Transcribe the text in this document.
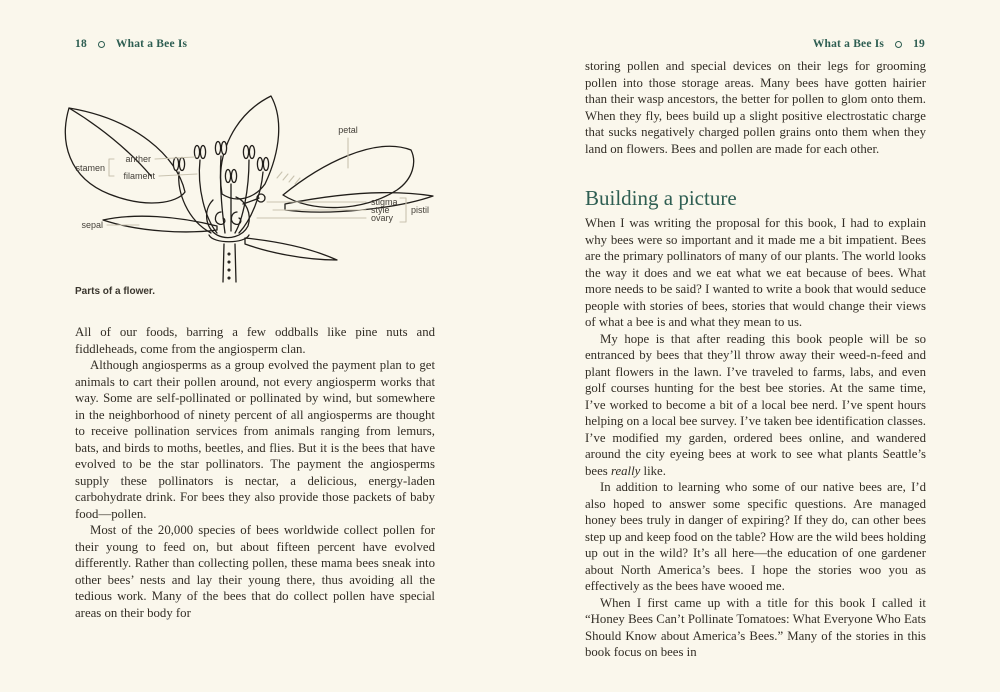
18	What a Bee Is	What a Bee Is	19
petal
anther
stamen
filament
sepal
stigma
style
ovary
pistil
Parts of a flower.

All of our foods, barring a few oddballs like pine nuts and fiddleheads, come from the angiosperm clan.

Although angiosperms as a group evolved the payment plan to get animals to cart their pollen around, not every angiosperm works that way. Some are self-pollinated or pollinated by wind, but somewhere in the neighborhood of ninety percent of all angiosperms are thought to receive pollination services from animals ranging from lemurs, bats, and birds to moths, beetles, and flies. But it is the bees that have evolved to be the star pollinators. The payment the angiosperms supply these pollinators is nectar, a delicious, energy-laden carbohydrate drink. For bees they also provide those packets of baby food—pollen.

Most of the 20,000 species of bees worldwide collect pollen for their young to feed on, but about fifteen percent have evolved differently. Rather than collecting pollen, these mama bees sneak into other bees’ nests and lay their young there, thus avoiding all the tedious work. Many of the bees that do collect pollen have special areas on their body for

storing pollen and special devices on their legs for grooming pollen into those storage areas. Many bees have gotten hairier than their wasp ancestors, the better for pollen to glom onto them. When they fly, bees build up a slight positive electrostatic charge that sucks negatively charged pollen grains onto them when they land on flowers. Bees and pollen are made for each other.

Building a picture

When I was writing the proposal for this book, I had to explain why bees were so important and it made me a bit impatient. Bees are the primary pollinators of many of our plants. The world looks the way it does and we eat what we eat because of bees. What more needs to be said? I wanted to write a book that would seduce people with stories of bees, stories that would change their views of what a bee is and what they mean to us.

My hope is that after reading this book people will be so entranced by bees that they’ll throw away their weed-n-feed and plant flowers in the lawn. I’ve traveled to farms, labs, and even golf courses hunting for the best bee stories. At the same time, I’ve worked to become a bit of a local bee nerd. I’ve spent hours helping on a local bee survey. I’ve taken bee identification classes. I’ve modified my garden, ordered bees online, and wandered around the city eyeing bees at work to see what plants Seattle’s bees really like.

In addition to learning who some of our native bees are, I’d also hoped to answer some specific questions. Are managed honey bees truly in danger of expiring? If they do, can other bees step up and keep food on the table? How are the wild bees holding up out in the wild? It’s all here—the education of one gardener about North America’s bees. I hope the stories woo you as effectively as the bees have wooed me.

When I first came up with a title for this book I called it “Honey Bees Can’t Pollinate Tomatoes: What Everyone Who Eats Should Know about America’s Bees.” Many of the stories in this book focus on bees in
